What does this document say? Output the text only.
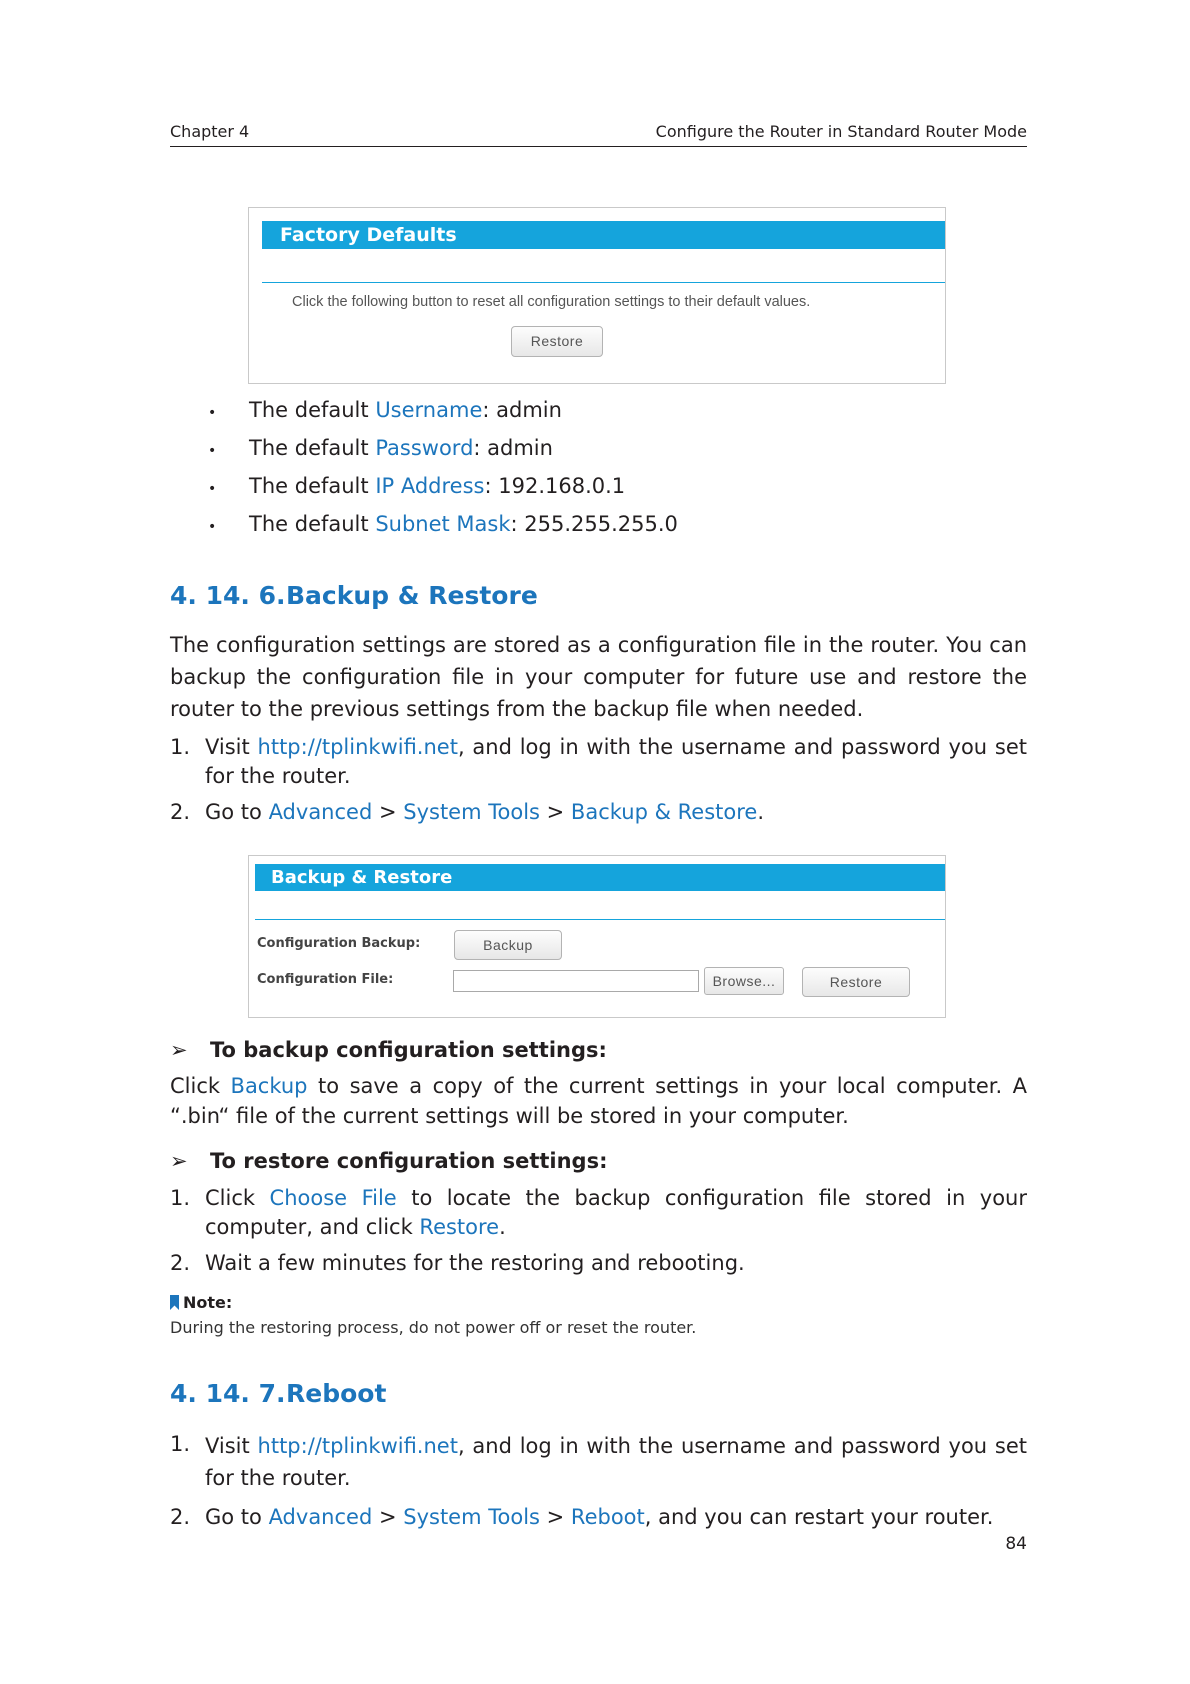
Chapter 4	Configure the Router in Standard Router Mode
Factory Defaults
Click the following button to reset all configuration settings to their default values.
Restore
• The default Username: admin
• The default Password: admin
• The default IP Address: 192.168.0.1
• The default Subnet Mask: 255.255.255.0
4. 14. 6.Backup & Restore
The configuration settings are stored as a configuration file in the router. You can backup the configuration file in your computer for future use and restore the router to the previous settings from the backup file when needed.
1. Visit http://tplinkwifi.net, and log in with the username and password you set for the router.
2. Go to Advanced > System Tools > Backup & Restore.
Backup & Restore
Configuration Backup:	Backup
Configuration File:	Browse...	Restore
➢ To backup configuration settings:
Click Backup to save a copy of the current settings in your local computer. A “.bin“ file of the current settings will be stored in your computer.
➢ To restore configuration settings:
1. Click Choose File to locate the backup configuration file stored in your computer, and click Restore.
2. Wait a few minutes for the restoring and rebooting.
Note:
During the restoring process, do not power off or reset the router.
4. 14. 7.Reboot
1. Visit http://tplinkwifi.net, and log in with the username and password you set for the router.
2. Go to Advanced > System Tools > Reboot, and you can restart your router.
84
